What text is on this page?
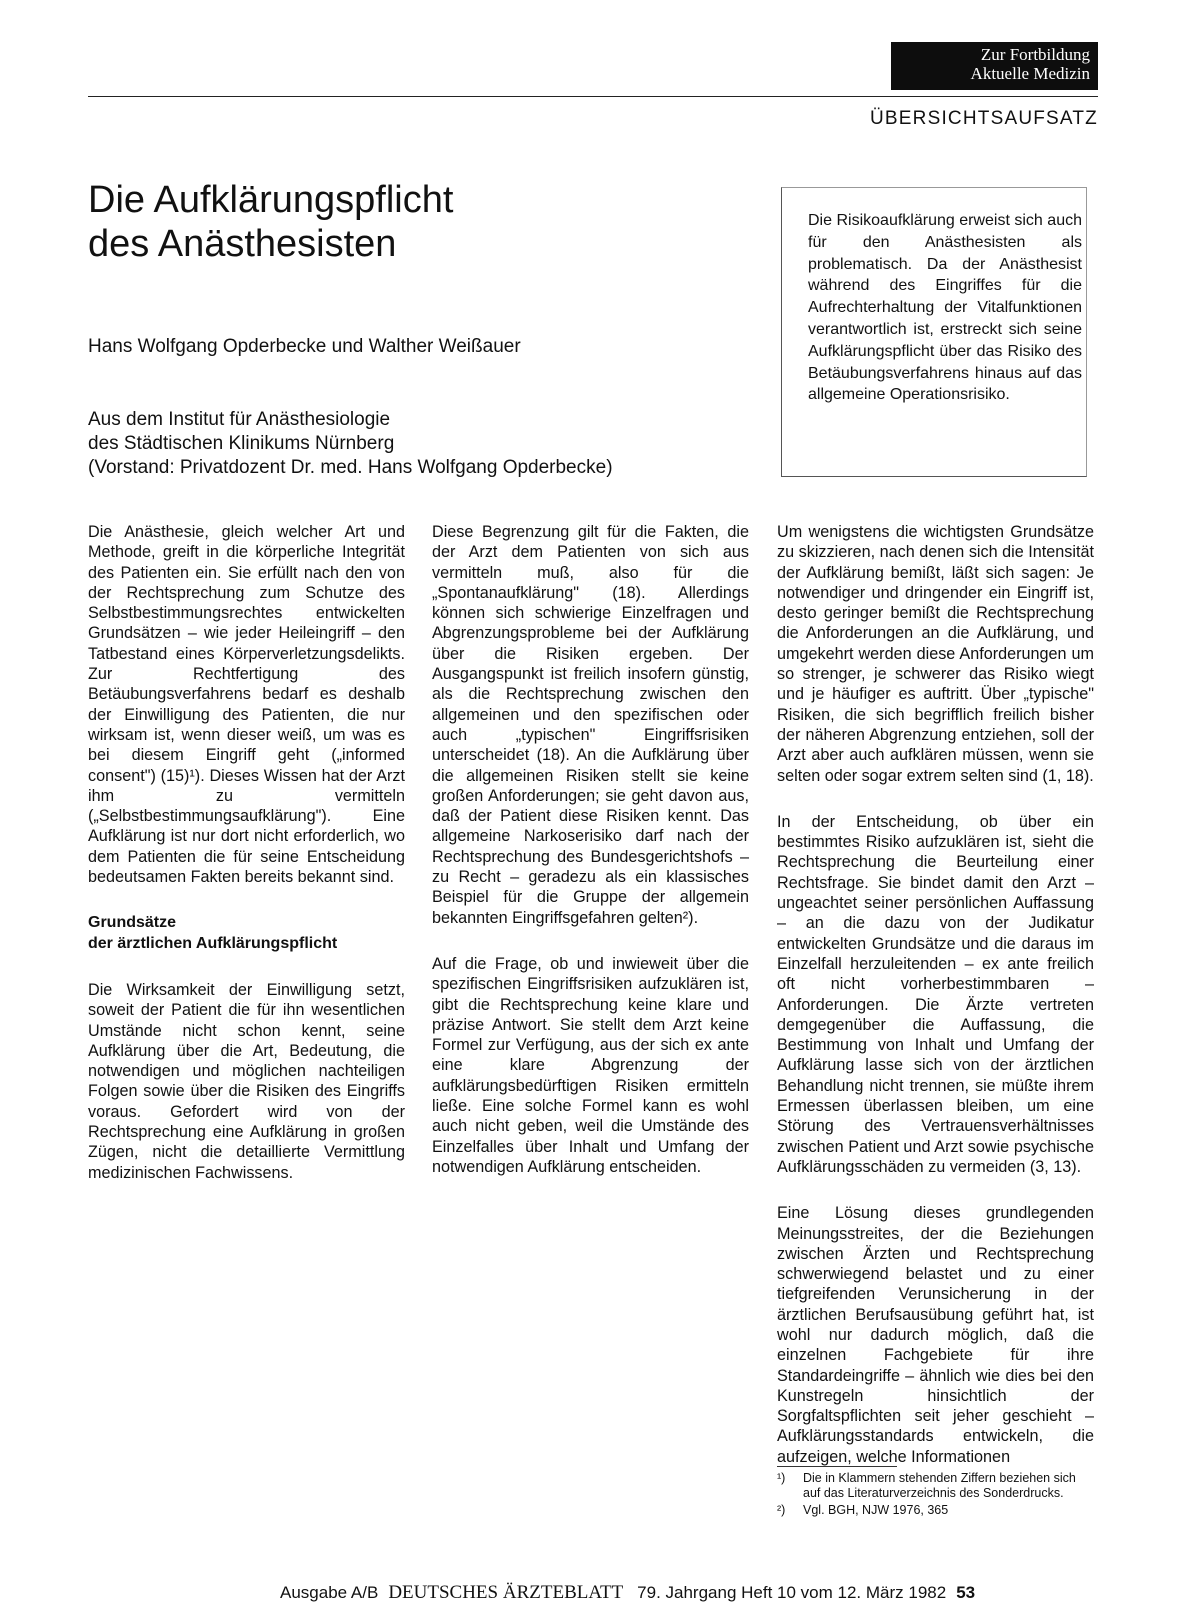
Zur Fortbildung
Aktuelle Medizin
ÜBERSICHTSAUFSATZ
Die Aufklärungspflicht
des Anästhesisten
Hans Wolfgang Opderbecke und Walther Weißauer
Aus dem Institut für Anästhesiologie
des Städtischen Klinikums Nürnberg
(Vorstand: Privatdozent Dr. med. Hans Wolfgang Opderbecke)

Die Risikoaufklärung erweist sich auch für den Anästhesisten als problematisch. Da der Anästhesist während des Eingriffes für die Aufrechterhaltung der Vitalfunktionen verantwortlich ist, erstreckt sich seine Aufklärungspflicht über das Risiko des Betäubungsverfahrens hinaus auf das allgemeine Operationsrisiko.

Die Anästhesie, gleich welcher Art und Methode, greift in die körperliche Integrität des Patienten ein. Sie erfüllt nach den von der Rechtsprechung zum Schutze des Selbstbestimmungsrechtes entwickelten Grundsätzen – wie jeder Heileingriff – den Tatbestand eines Körperverletzungsdelikts. Zur Rechtfertigung des Betäubungsverfahrens bedarf es deshalb der Einwilligung des Patienten, die nur wirksam ist, wenn dieser weiß, um was es bei diesem Eingriff geht („informed consent") (15)¹). Dieses Wissen hat der Arzt ihm zu vermitteln („Selbstbestimmungsaufklärung"). Eine Aufklärung ist nur dort nicht erforderlich, wo dem Patienten die für seine Entscheidung bedeutsamen Fakten bereits bekannt sind.

Grundsätze
der ärztlichen Aufklärungspflicht

Die Wirksamkeit der Einwilligung setzt, soweit der Patient die für ihn wesentlichen Umstände nicht schon kennt, seine Aufklärung über die Art, Bedeutung, die notwendigen und möglichen nachteiligen Folgen sowie über die Risiken des Eingriffs voraus. Gefordert wird von der Rechtsprechung eine Aufklärung in großen Zügen, nicht die detaillierte Vermittlung medizinischen Fachwissens.

Diese Begrenzung gilt für die Fakten, die der Arzt dem Patienten von sich aus vermitteln muß, also für die „Spontanaufklärung" (18). Allerdings können sich schwierige Einzelfragen und Abgrenzungsprobleme bei der Aufklärung über die Risiken ergeben. Der Ausgangspunkt ist freilich insofern günstig, als die Rechtsprechung zwischen den allgemeinen und den spezifischen oder auch „typischen" Eingriffsrisiken unterscheidet (18). An die Aufklärung über die allgemeinen Risiken stellt sie keine großen Anforderungen; sie geht davon aus, daß der Patient diese Risiken kennt. Das allgemeine Narkoserisiko darf nach der Rechtsprechung des Bundesgerichtshofs – zu Recht – geradezu als ein klassisches Beispiel für die Gruppe der allgemein bekannten Eingriffsgefahren gelten²).

Auf die Frage, ob und inwieweit über die spezifischen Eingriffsrisiken aufzuklären ist, gibt die Rechtsprechung keine klare und präzise Antwort. Sie stellt dem Arzt keine Formel zur Verfügung, aus der sich ex ante eine klare Abgrenzung der aufklärungsbedürftigen Risiken ermitteln ließe. Eine solche Formel kann es wohl auch nicht geben, weil die Umstände des Einzelfalles über Inhalt und Umfang der notwendigen Aufklärung entscheiden.

Um wenigstens die wichtigsten Grundsätze zu skizzieren, nach denen sich die Intensität der Aufklärung bemißt, läßt sich sagen: Je notwendiger und dringender ein Eingriff ist, desto geringer bemißt die Rechtsprechung die Anforderungen an die Aufklärung, und umgekehrt werden diese Anforderungen um so strenger, je schwerer das Risiko wiegt und je häufiger es auftritt. Über „typische" Risiken, die sich begrifflich freilich bisher der näheren Abgrenzung entziehen, soll der Arzt aber auch aufklären müssen, wenn sie selten oder sogar extrem selten sind (1, 18).

In der Entscheidung, ob über ein bestimmtes Risiko aufzuklären ist, sieht die Rechtsprechung die Beurteilung einer Rechtsfrage. Sie bindet damit den Arzt – ungeachtet seiner persönlichen Auffassung – an die dazu von der Judikatur entwickelten Grundsätze und die daraus im Einzelfall herzuleitenden – ex ante freilich oft nicht vorherbestimmbaren – Anforderungen. Die Ärzte vertreten demgegenüber die Auffassung, die Bestimmung von Inhalt und Umfang der Aufklärung lasse sich von der ärztlichen Behandlung nicht trennen, sie müßte ihrem Ermessen überlassen bleiben, um eine Störung des Vertrauensverhältnisses zwischen Patient und Arzt sowie psychische Aufklärungsschäden zu vermeiden (3, 13).

Eine Lösung dieses grundlegenden Meinungsstreites, der die Beziehungen zwischen Ärzten und Rechtsprechung schwerwiegend belastet und zu einer tiefgreifenden Verunsicherung in der ärztlichen Berufsausübung geführt hat, ist wohl nur dadurch möglich, daß die einzelnen Fachgebiete für ihre Standardeingriffe – ähnlich wie dies bei den Kunstregeln hinsichtlich der Sorgfaltspflichten seit jeher geschieht – Aufklärungsstandards entwickeln, die aufzeigen, welche Informationen

¹)	Die in Klammern stehenden Ziffern beziehen sich auf das Literaturverzeichnis des Sonderdrucks.
²)	Vgl. BGH, NJW 1976, 365
Ausgabe A/B DEUTSCHES ÄRZTEBLATT 79. Jahrgang Heft 10 vom 12. März 1982 53
